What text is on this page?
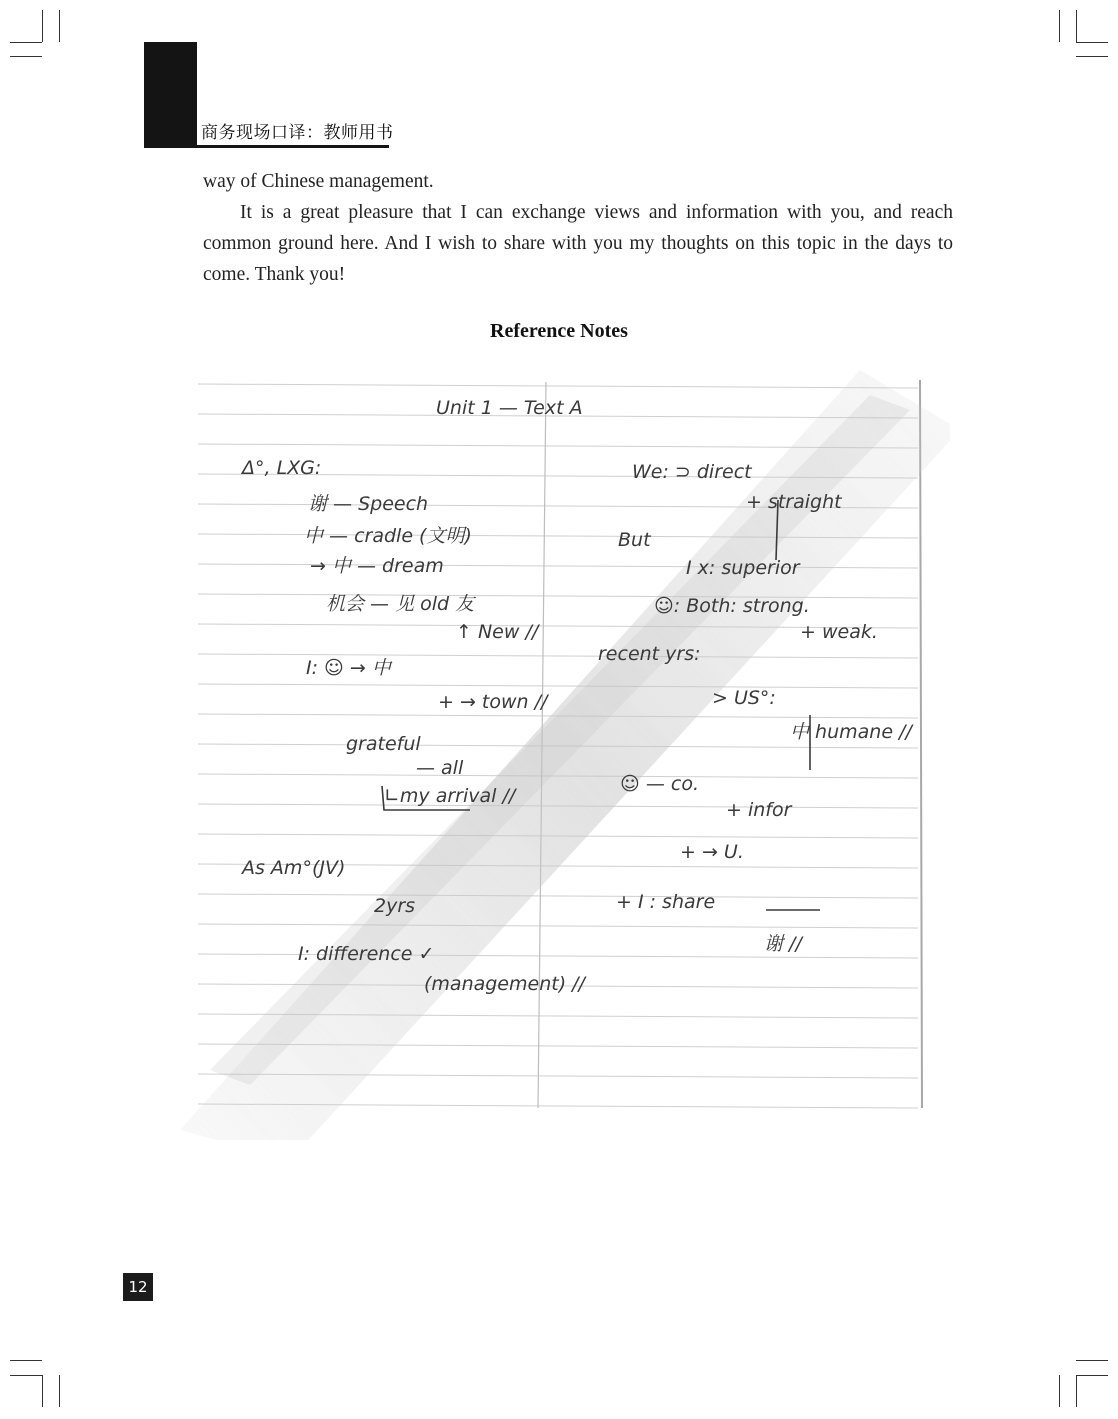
商务现场口译：教师用书

way of Chinese management.

It is a great pleasure that I can exchange views and information with you, and reach common ground here. And I wish to share with you my thoughts on this topic in the days to come. Thank you!

Reference Notes
Unit 1 — Text A
Δ°, LXG:
谢 — Speech
中 — cradle (文明)
→ 中 — dream
机会 — 见 old 友
↑ New //
I: ☺ → 中
+ → town //
grateful
— all
∟my arrival //
As Am°(JV)
2yrs
I: difference ✓
(management) //
We: ⊃ direct
+ straight
But
I x: superior
☺: Both: strong.
+ weak.
recent yrs:
> US°:
中 humane //
☺ — co.
+ infor
+ → U.
+ I : share
谢 //
12
